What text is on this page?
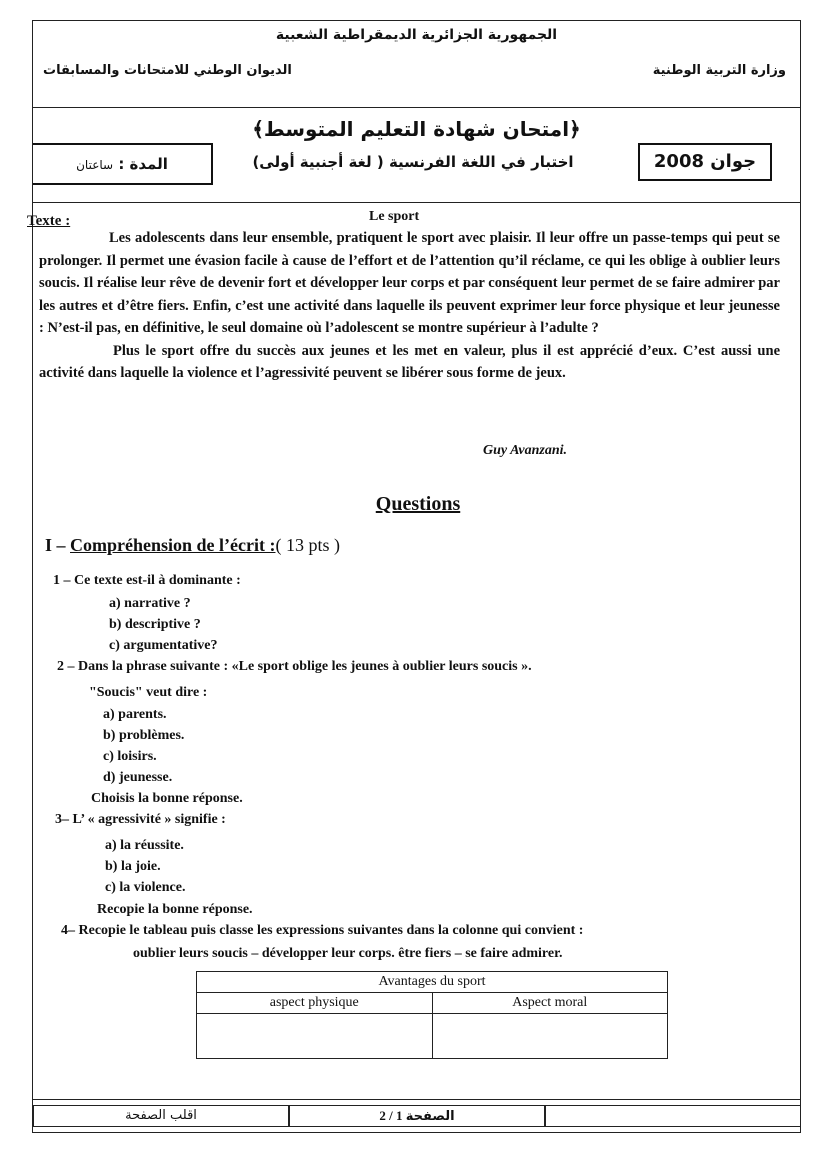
الجمهورية الجزائرية الديمقراطية الشعبية
الديوان الوطني للامتحانات والمسابقات	وزارة التربية الوطنية
﴿امتحان شهادة التعليم المتوسط﴾
جوان 2008
اختبار في اللغة الفرنسية ( لغة أجنبية أولى)
المدة : ساعتان
Texte :	Le sport

Les adolescents dans leur ensemble, pratiquent le sport avec plaisir. Il leur offre un passe-temps qui peut se prolonger. Il permet une évasion facile à cause de l’effort et de l’attention qu’il réclame, ce qui les oblige à oublier leurs soucis. Il réalise leur rêve de devenir fort et développer leur corps et par conséquent leur permet de se faire admirer par les autres et d’être fiers. Enfin, c’est une activité dans laquelle ils peuvent exprimer leur force physique et leur jeunesse : N’est-il pas, en définitive, le seul domaine où l’adolescent se montre supérieur à l’adulte ?

Plus le sport offre du succès aux jeunes et les met en valeur, plus il est apprécié d’eux. C’est aussi une activité dans laquelle la violence et l’agressivité peuvent se libérer sous forme de jeux.

Guy Avanzani.
Questions
I – Compréhension de l’écrit :( 13 pts )
1 – Ce texte est-il à dominante :
a) narrative ?
b) descriptive ?
c) argumentative?
2 – Dans la phrase suivante : «Le sport oblige les jeunes à oublier leurs soucis ».
"Soucis" veut dire :
a) parents.
b) problèmes.
c) loisirs.
d) jeunesse.
Choisis la bonne réponse.
3– L’ « agressivité » signifie :
a) la réussite.
b) la joie.
c) la violence.
Recopie la bonne réponse.
4– Recopie le tableau puis classe les expressions suivantes dans la colonne qui convient :
oublier leurs soucis – développer leur corps. être fiers – se faire admirer.
Avantages du sport	
aspect physique	Aspect moral

اقلب الصفحة	2 / 1 الصفحة
